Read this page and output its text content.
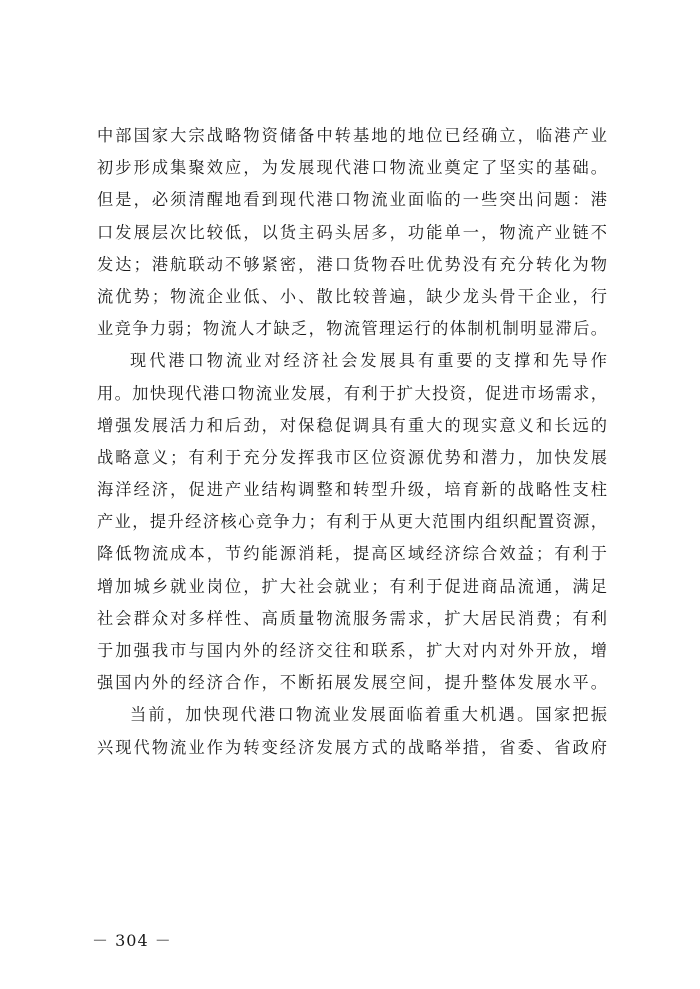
中部国家大宗战略物资储备中转基地的地位已经确立，临港产业
初步形成集聚效应，为发展现代港口物流业奠定了坚实的基础。
但是，必须清醒地看到现代港口物流业面临的一些突出问题：港
口发展层次比较低，以货主码头居多，功能单一，物流产业链不
发达；港航联动不够紧密，港口货物吞吐优势没有充分转化为物
流优势；物流企业低、小、散比较普遍，缺少龙头骨干企业，行
业竞争力弱；物流人才缺乏，物流管理运行的体制机制明显滞后。
现代港口物流业对经济社会发展具有重要的支撑和先导作
用。加快现代港口物流业发展，有利于扩大投资，促进市场需求，
增强发展活力和后劲，对保稳促调具有重大的现实意义和长远的
战略意义；有利于充分发挥我市区位资源优势和潜力，加快发展
海洋经济，促进产业结构调整和转型升级，培育新的战略性支柱
产业，提升经济核心竞争力；有利于从更大范围内组织配置资源，
降低物流成本，节约能源消耗，提高区域经济综合效益；有利于
增加城乡就业岗位，扩大社会就业；有利于促进商品流通，满足
社会群众对多样性、高质量物流服务需求，扩大居民消费；有利
于加强我市与国内外的经济交往和联系，扩大对内对外开放，增
强国内外的经济合作，不断拓展发展空间，提升整体发展水平。
当前，加快现代港口物流业发展面临着重大机遇。国家把振
兴现代物流业作为转变经济发展方式的战略举措，省委、省政府
－ 304 －
